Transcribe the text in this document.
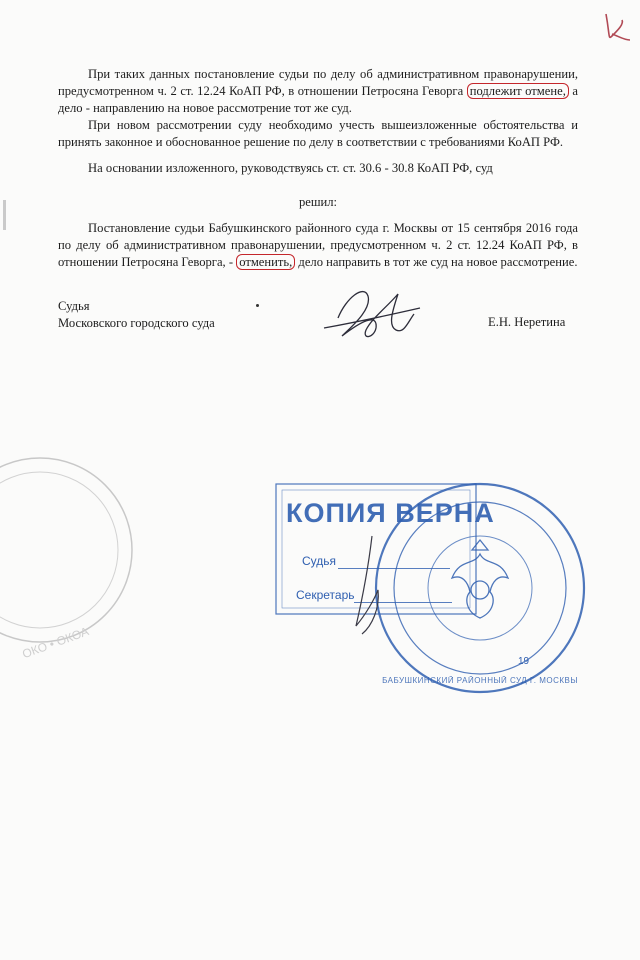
ОКО • ОКОА

При таких данных постановление судьи по делу об административном правонарушении, предусмотренном ч. 2 ст. 12.24 КоАП РФ, в отношении Петросяна Геворга подлежит отмене, а дело - направлению на новое рассмотрение тот же суд.

При новом рассмотрении суду необходимо учесть вышеизложенные обстоятельства и принять законное и обоснованное решение по делу в соответствии с требованиями КоАП РФ.

На основании изложенного, руководствуясь ст. ст. 30.6 - 30.8 КоАП РФ, суд

решил:

Постановление судьи Бабушкинского районного суда г. Москвы от 15 сентября 2016 года по делу об административном правонарушении, предусмотренном ч. 2 ст. 12.24 КоАП РФ, в отношении Петросяна Геворга, - отменить, дело направить в тот же суд на новое рассмотрение.

Судья
Московского городского суда	Е.Н. Неретина
КОПИЯ ВЕРНА
Судья
Секретарь
БАБУШКИНСКИЙ РАЙОННЫЙ СУД Г. МОСКВЫ
19
